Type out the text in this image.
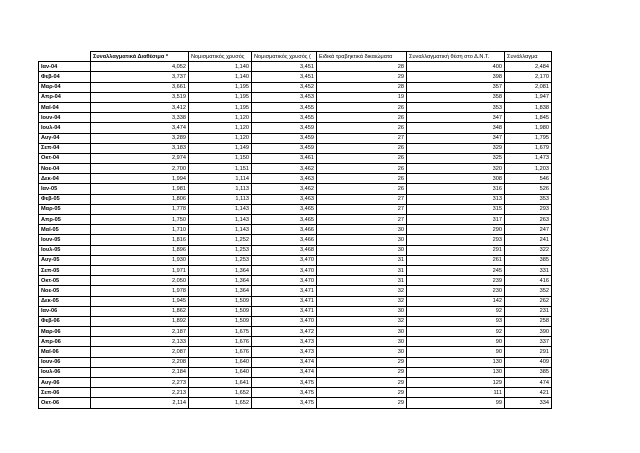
	Συναλλαγματικά Διαθέσιμα *	Νομισματικός χρυσός	Νομισματικός χρυσός (	Ειδικά τραβηκτικά δικαιώματα	Συναλλαγματική θέση στο Δ.Ν.Τ.	Συνάλλαγμα
Ιαν-04	4,052	1,140	3,451	28	400	2,484
Φεβ-04	3,737	1,140	3,451	29	398	2,170
Μαρ-04	3,661	1,195	3,452	28	357	2,081
Απρ-04	3,519	1,195	3,453	19	358	1,947
Μαϊ-04	3,412	1,195	3,455	26	353	1,838
Ιουν-04	3,338	1,120	3,455	26	347	1,845
Ιουλ-04	3,474	1,120	3,459	26	348	1,980
Αυγ-04	3,289	1,120	3,459	27	347	1,795
Σεπ-04	3,183	1,149	3,459	26	329	1,679
Οκτ-04	2,974	1,150	3,461	26	325	1,473
Νοε-04	2,700	1,151	3,462	26	320	1,203
Δεκ-04	1,994	1,114	3,463	26	308	546
Ιαν-05	1,981	1,113	3,462	26	316	526
Φεβ-05	1,806	1,113	3,463	27	313	353
Μαρ-05	1,778	1,143	3,465	27	315	293
Απρ-05	1,750	1,143	3,465	27	317	263
Μαϊ-05	1,710	1,143	3,466	30	290	247
Ιουν-05	1,816	1,252	3,466	30	293	241
Ιουλ-05	1,896	1,253	3,468	30	291	322
Αυγ-05	1,930	1,253	3,470	31	261	385
Σεπ-05	1,971	1,364	3,470	31	245	331
Οκτ-05	2,050	1,364	3,470	31	239	416
Νοε-05	1,978	1,364	3,471	32	230	352
Δεκ-05	1,945	1,509	3,471	32	142	262
Ιαν-06	1,862	1,509	3,471	30	92	231
Φεβ-06	1,892	1,509	3,470	32	93	258
Μαρ-06	2,187	1,675	3,472	30	92	390
Απρ-06	2,133	1,676	3,473	30	90	337
Μαϊ-06	2,087	1,676	3,473	30	90	291
Ιουν-06	2,208	1,640	3,474	29	130	409
Ιουλ-06	2,184	1,640	3,474	29	130	385
Αυγ-06	2,273	1,641	3,475	29	129	474
Σεπ-06	2,213	1,652	3,475	29	111	421
Οκτ-06	2,114	1,652	3,475	29	99	334
